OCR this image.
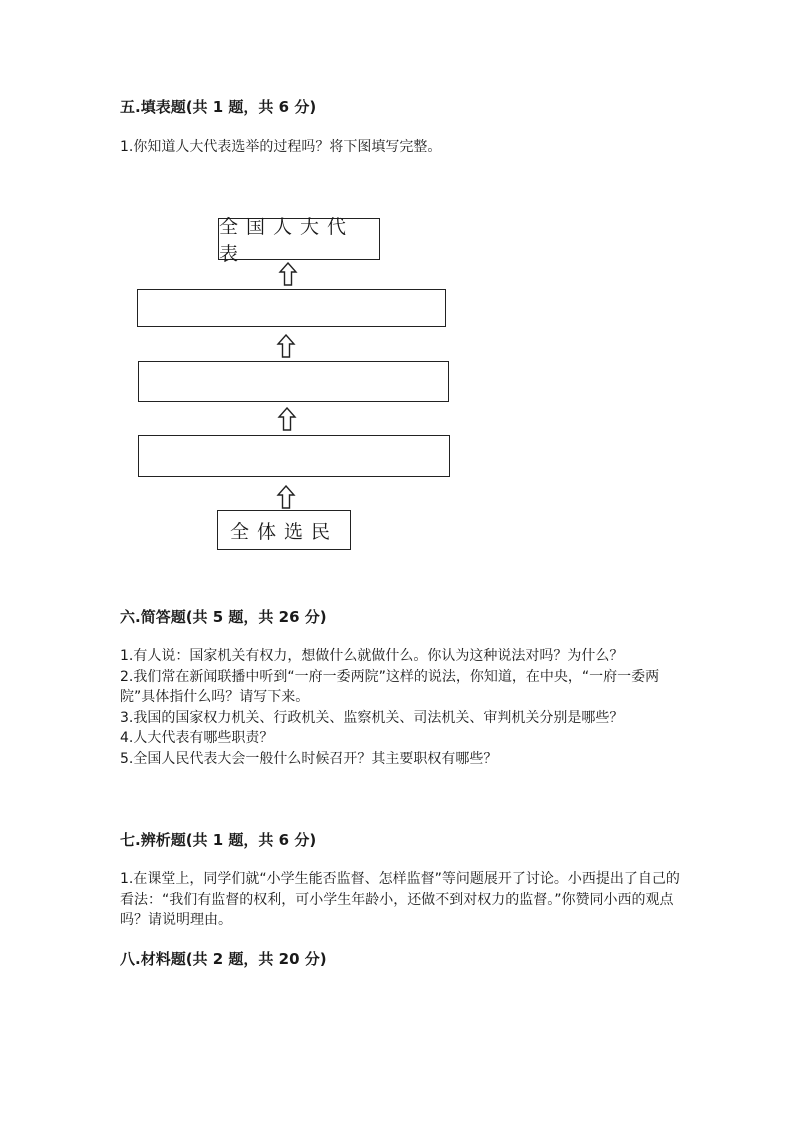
五.填表题(共 1 题，共 6 分)

1.你知道人大代表选举的过程吗？将下图填写完整。

全国人大代表
全体选民
六.简答题(共 5 题，共 26 分)

1.有人说：国家机关有权力，想做什么就做什么。你认为这种说法对吗？为什么？

2.我们常在新闻联播中听到“一府一委两院”这样的说法，你知道，在中央，“一府一委两院”具体指什么吗？请写下来。

3.我国的国家权力机关、行政机关、监察机关、司法机关、审判机关分别是哪些？

4.人大代表有哪些职责？

5.全国人民代表大会一般什么时候召开？其主要职权有哪些？

七.辨析题(共 1 题，共 6 分)

1.在课堂上，同学们就“小学生能否监督、怎样监督”等问题展开了讨论。小西提出了自己的看法：“我们有监督的权利，可小学生年龄小，还做不到对权力的监督。”你赞同小西的观点吗？请说明理由。

八.材料题(共 2 题，共 20 分)
